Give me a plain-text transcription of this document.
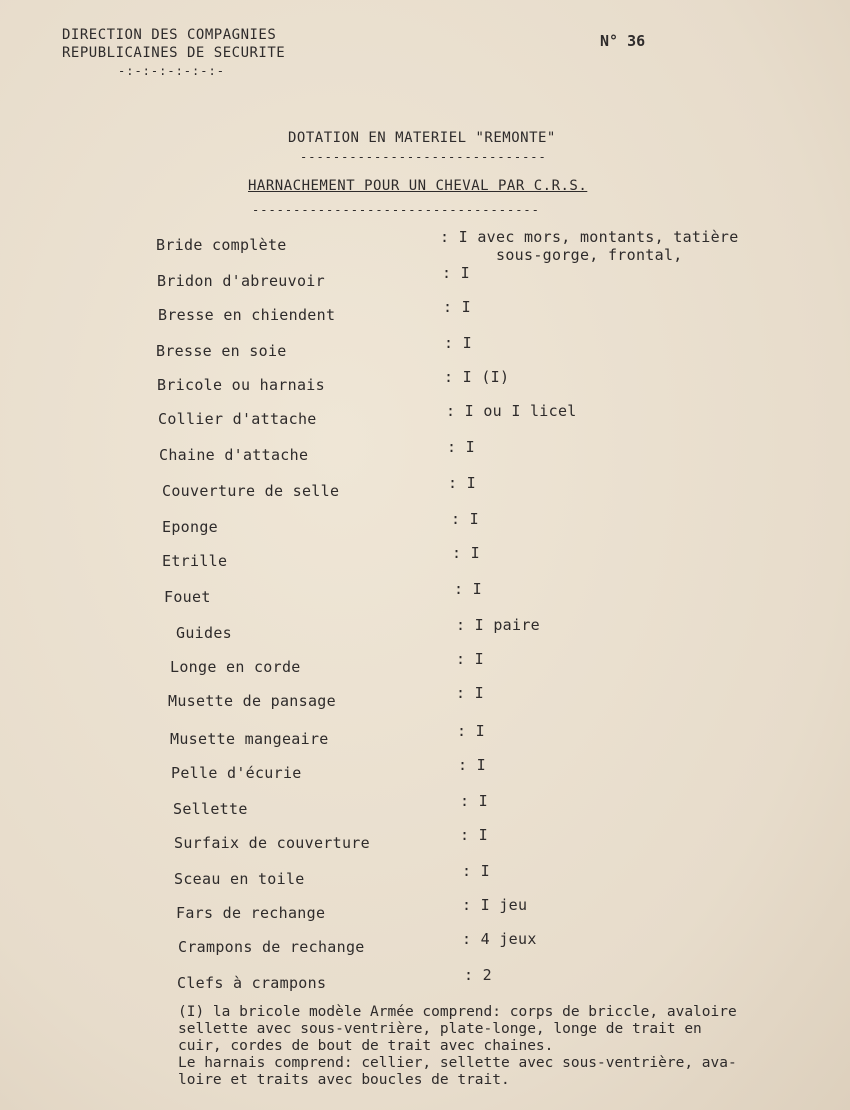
DIRECTION DES COMPAGNIES
REPUBLICAINES DE SECURITE
-:-:-:-:-:-:-
N° 36
DOTATION EN MATERIEL "REMONTE"
------------------------------
HARNACHEMENT POUR UN CHEVAL PAR C.R.S.
-----------------------------------
Bride complète	: I avec mors, montants, tatière
sous-gorge, frontal,
Bridon d'abreuvoir	: I
Bresse en chiendent	: I
Bresse en soie	: I
Bricole ou harnais	: I (I)
Collier d'attache	: I ou I licel
Chaine d'attache	: I
Couverture de selle	: I
Eponge	: I
Etrille	: I
Fouet	: I
Guides	: I paire
Longe en corde	: I
Musette de pansage	: I
Musette mangeaire	: I
Pelle d'écurie	: I
Sellette	: I
Surfaix de couverture	: I
Sceau en toile	: I
Fars de rechange	: I jeu
Crampons de rechange	: 4 jeux
Clefs à crampons	: 2
(I) la bricole modèle Armée comprend: corps de briccle, avaloire
sellette avec sous-ventrière, plate-longe, longe de trait en
cuir, cordes de bout de trait avec chaines.
Le harnais comprend: cellier, sellette avec sous-ventrière, ava-
loire et traits avec boucles de trait.
